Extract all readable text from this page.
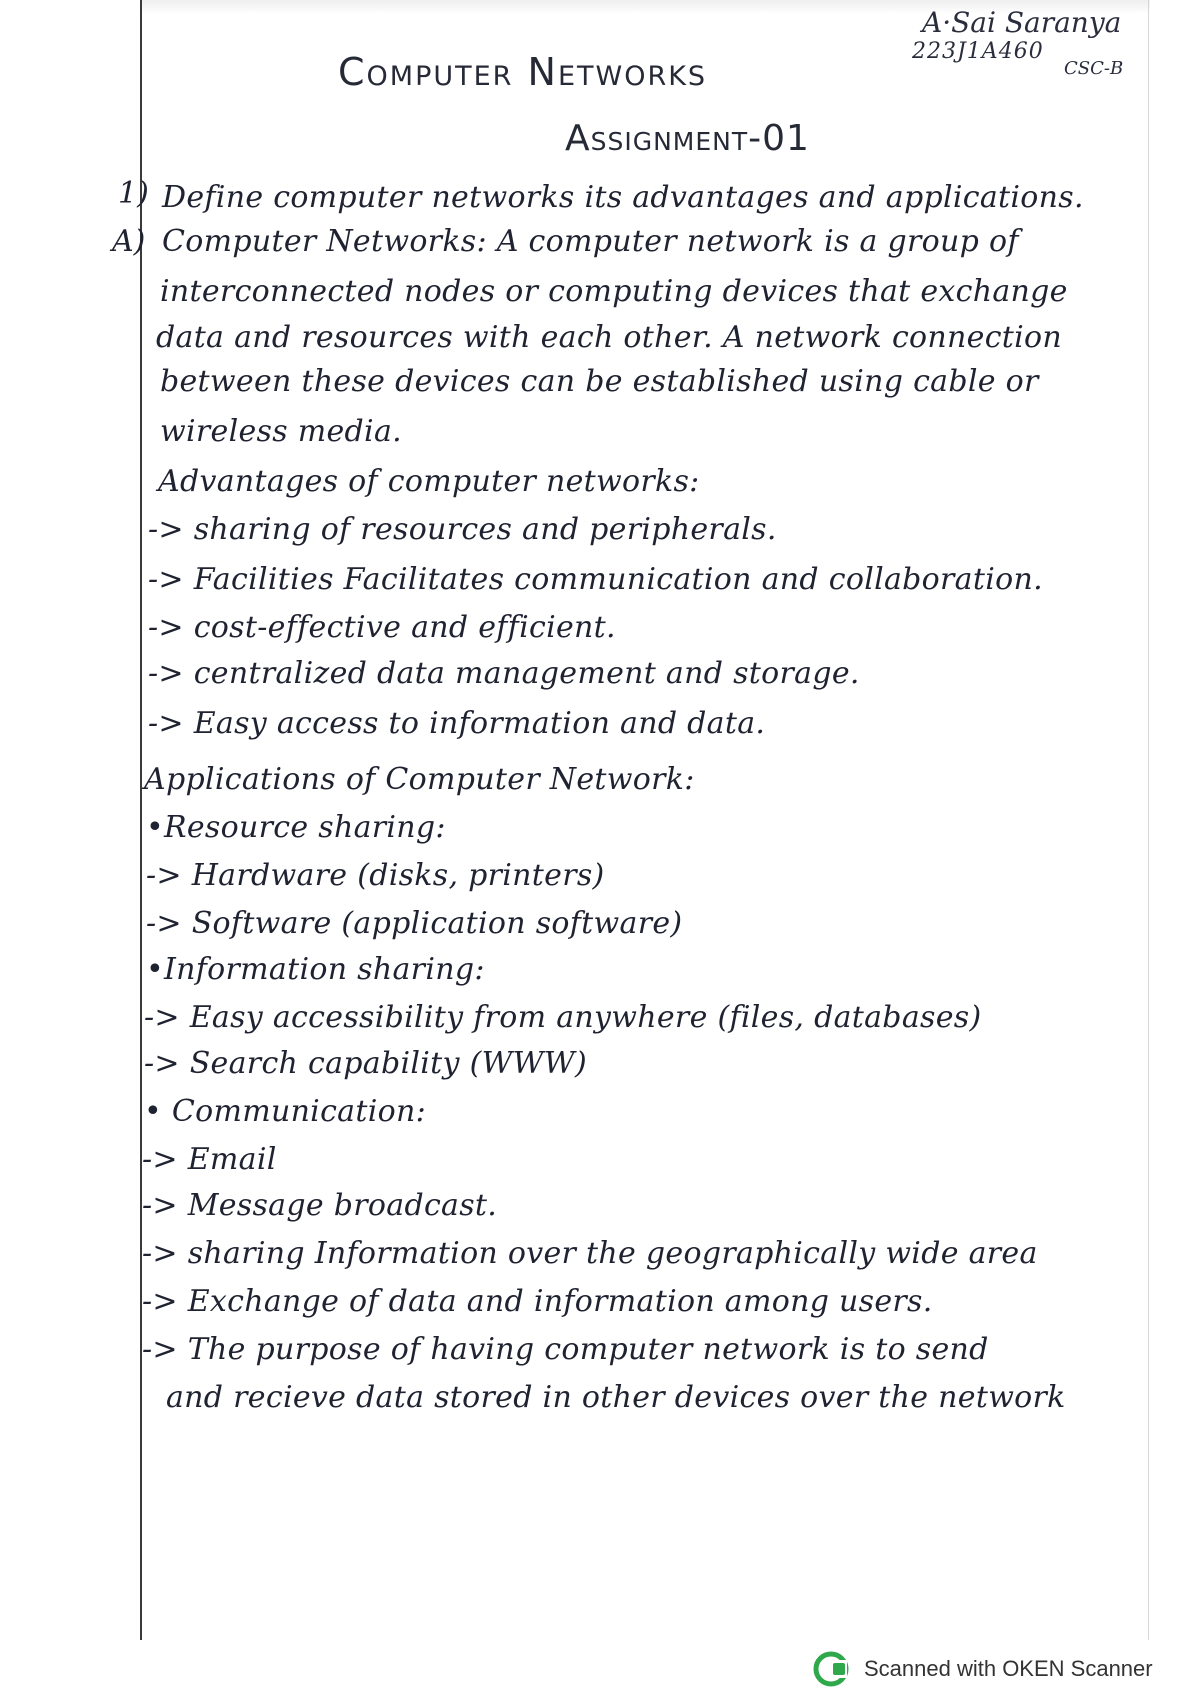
A·Sai Saranya
223J1A460
CSC-B
Computer Networks
Assignment-01
1) Define computer networks its advantages and applications.
A) Computer Networks: A computer network is a group of
interconnected nodes or computing devices that exchange
data and resources with each other. A network connection
between these devices can be established using cable or
wireless media.
Advantages of computer networks:
-> sharing of resources and peripherals.
-> Facilities Facilitates communication and collaboration.
-> cost-effective and efficient.
-> centralized data management and storage.
-> Easy access to information and data.
Applications of Computer Network:
•Resource sharing:
-> Hardware (disks, printers)
-> Software (application software)
•Information sharing:
-> Easy accessibility from anywhere (files, databases)
-> Search capability (WWW)
• Communication:
-> Email
-> Message broadcast.
-> sharing Information over the geographically wide area
-> Exchange of data and information among users.
-> The purpose of having computer network is to send
and recieve data stored in other devices over the network
Scanned with OKEN Scanner
